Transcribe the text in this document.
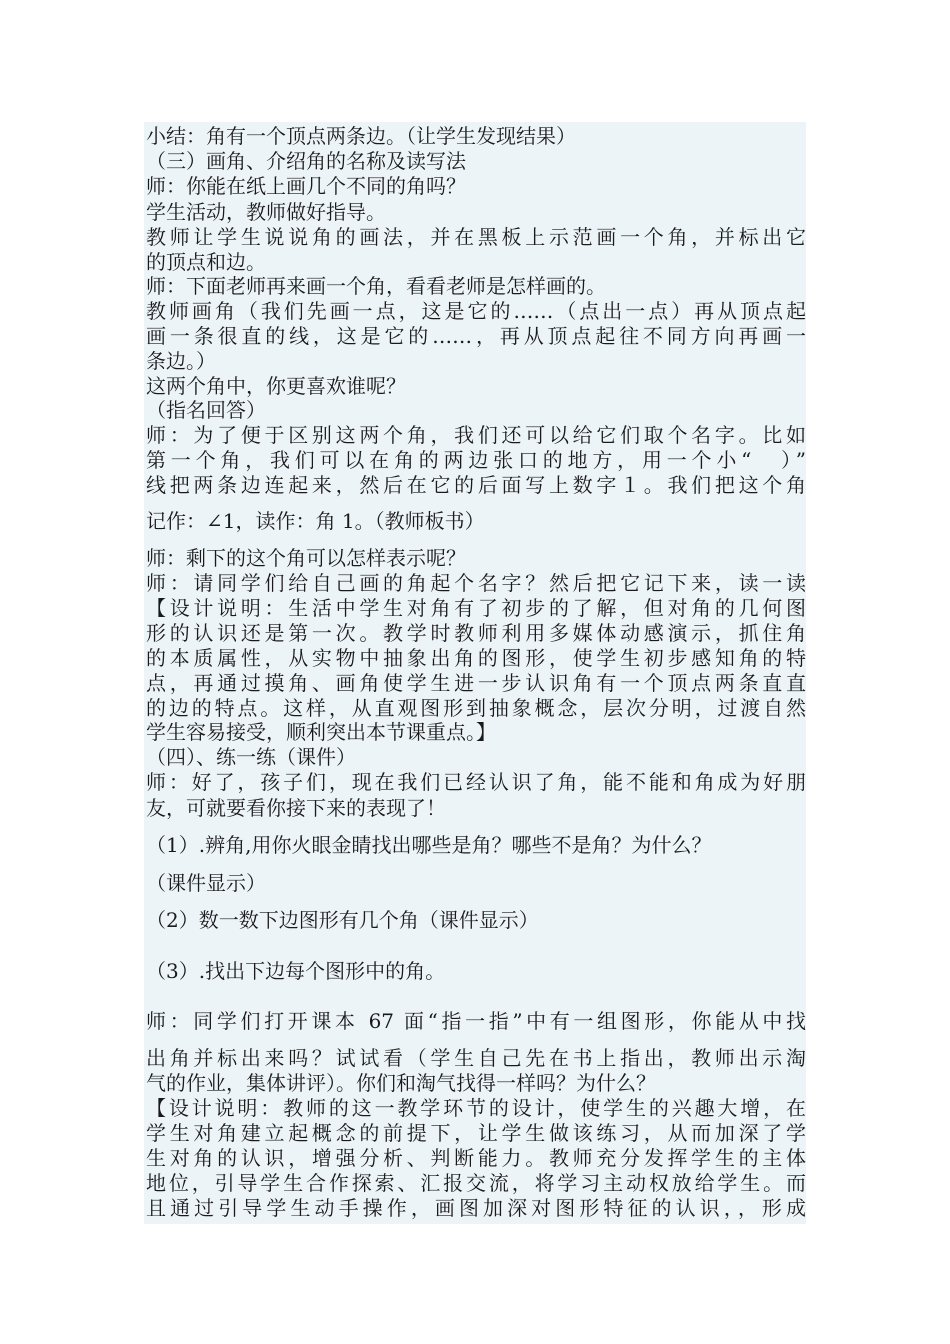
小结：角有一个顶点两条边。（让学生发现结果）
（三）画角、介绍角的名称及读写法
师：你能在纸上画几个不同的角吗？
学生活动，教师做好指导。
教师让学生说说角的画法，并在黑板上示范画一个角，并标出它
的顶点和边。
师：下面老师再来画一个角，看看老师是怎样画的。
教师画角（我们先画一点，这是它的……（点出一点）再从顶点起
画一条很直的线，这是它的……，再从顶点起往不同方向再画一
条边。）
这两个角中，你更喜欢谁呢？
（指名回答）
师：为了便于区别这两个角，我们还可以给它们取个名字。比如
第一个角，我们可以在角的两边张口的地方，用一个小“　）”
线把两条边连起来，然后在它的后面写上数字１。我们把这个角
记作：∠1，读作：角 1。（教师板书）
师：剩下的这个角可以怎样表示呢？
师：请同学们给自己画的角起个名字？然后把它记下来，读一读
【设计说明：生活中学生对角有了初步的了解，但对角的几何图
形的认识还是第一次。教学时教师利用多媒体动感演示，抓住角
的本质属性，从实物中抽象出角的图形，使学生初步感知角的特
点，再通过摸角、画角使学生进一步认识角有一个顶点两条直直
的边的特点。这样，从直观图形到抽象概念，层次分明，过渡自然
学生容易接受，顺利突出本节课重点。】
（四）、练一练（课件）
师：好了，孩子们，现在我们已经认识了角，能不能和角成为好朋
友，可就要看你接下来的表现了！
（1）.辨角,用你火眼金睛找出哪些是角？哪些不是角？为什么？
（课件显示）
（2）数一数下边图形有几个角（课件显示）
（3）.找出下边每个图形中的角。
师：同学们打开课本 67 面“指一指”中有一组图形，你能从中找
出角并标出来吗？试试看（学生自己先在书上指出，教师出示淘
气的作业，集体讲评）。你们和淘气找得一样吗？为什么？
【设计说明：教师的这一教学环节的设计，使学生的兴趣大增，在
学生对角建立起概念的前提下，让学生做该练习，从而加深了学
生对角的认识，增强分析、判断能力。教师充分发挥学生的主体
地位，引导学生合作探索、汇报交流，将学习主动权放给学生。而
且通过引导学生动手操作，画图加深对图形特征的认识，，形成
